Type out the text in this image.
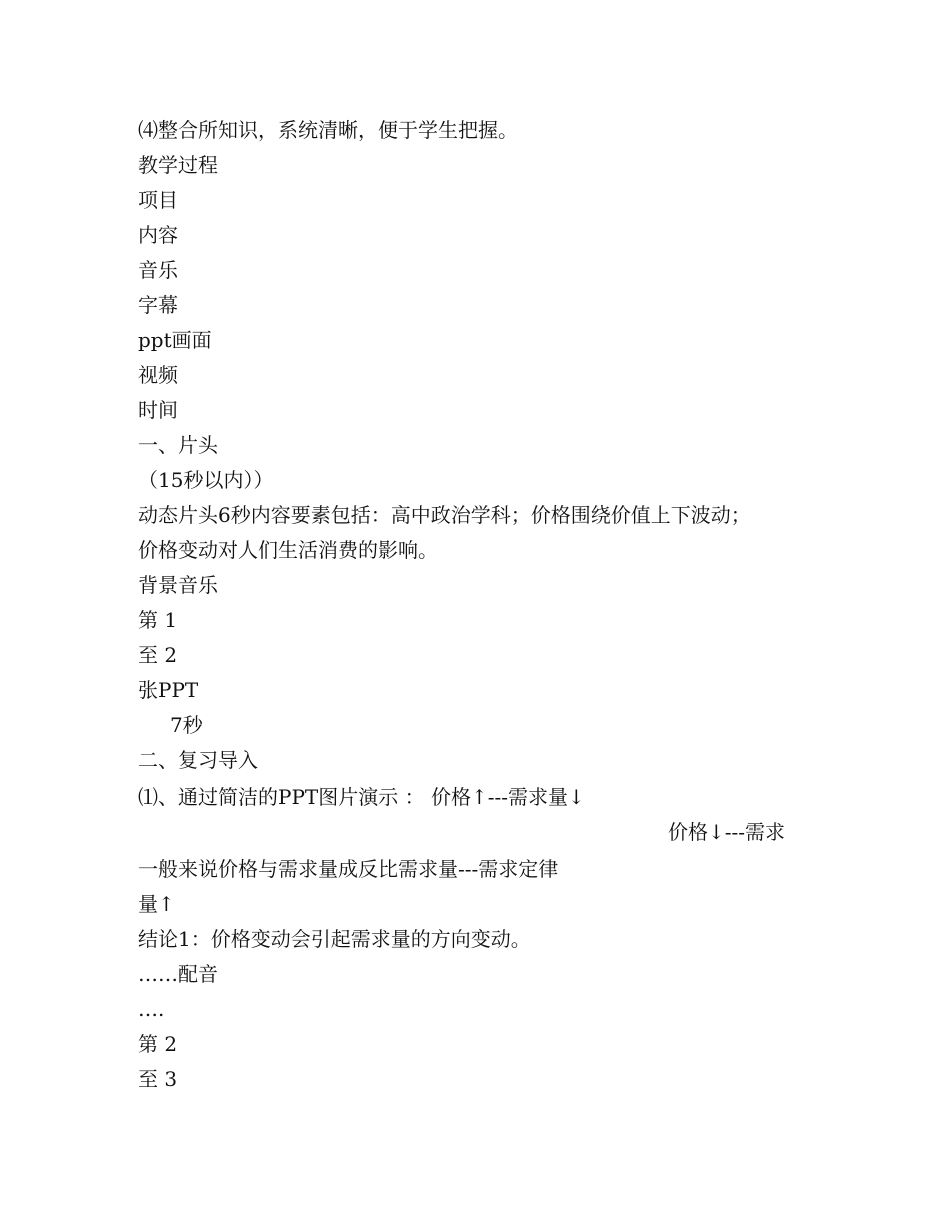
⑷整合所知识，系统清晰，便于学生把握。
教学过程
项目
内容
音乐
字幕
ppt画面
视频
时间
一、片头
（15秒以内））
动态片头6秒内容要素包括：高中政治学科；价格围绕价值上下波动；
价格变动对人们生活消费的影响。
背景音乐
第 1
至 2
张PPT
7秒
二、复习导入
⑴、通过简洁的PPT图片演示 ： 价格↑---需求量↓
价格↓---需求
一般来说价格与需求量成反比需求量---需求定律
量↑
结论1：价格变动会引起需求量的方向变动。
……配音
….
第 2
至 3
